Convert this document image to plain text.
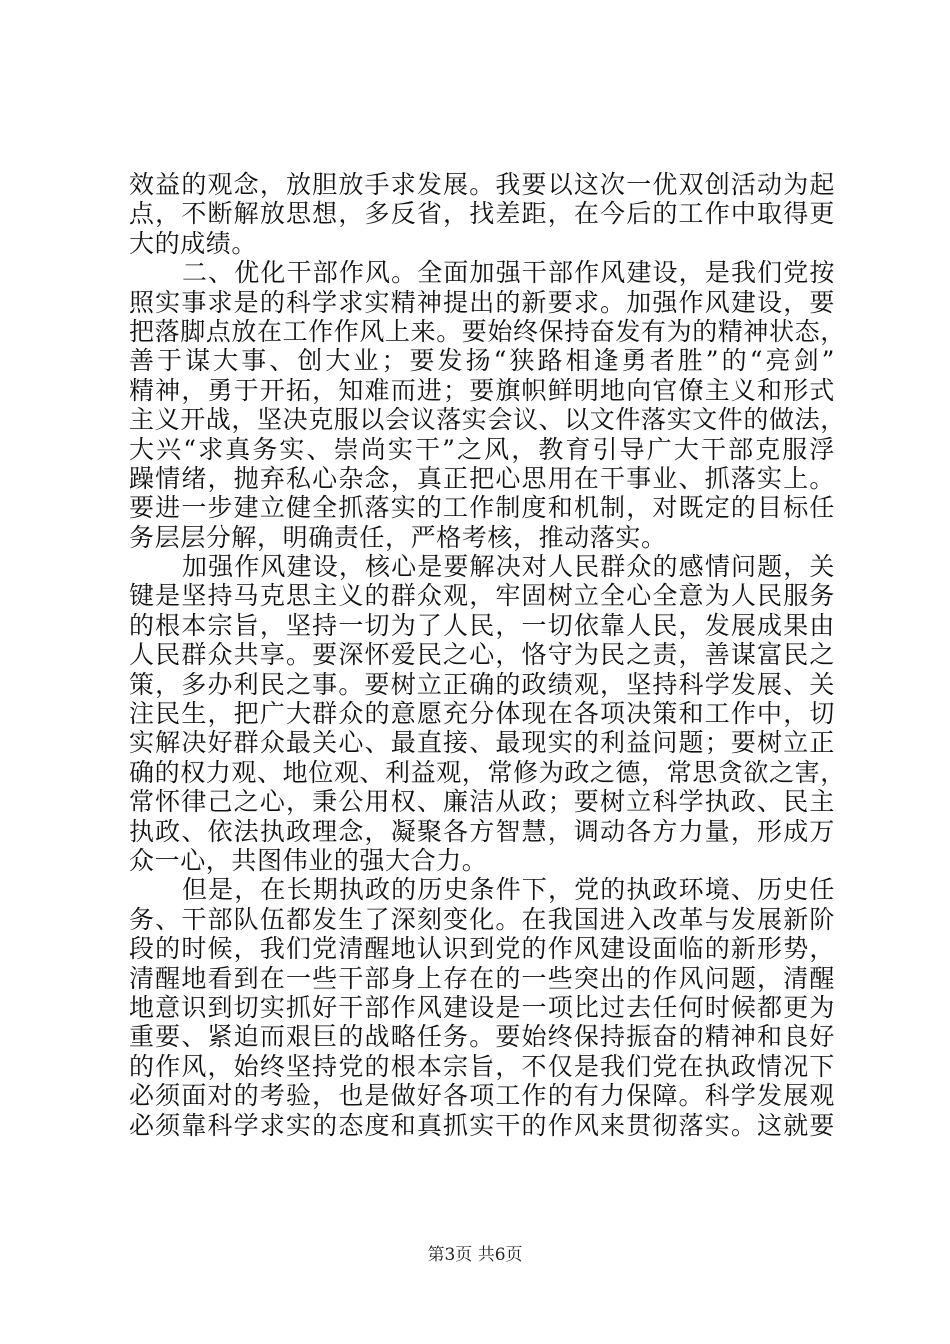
效益的观念，放胆放手求发展。我要以这次一优双创活动为起
点，不断解放思想，多反省，找差距，在今后的工作中取得更
大的成绩。
二、优化干部作风。全面加强干部作风建设，是我们党按
照实事求是的科学求实精神提出的新要求。加强作风建设，要
把落脚点放在工作作风上来。要始终保持奋发有为的精神状态，
善于谋大事、创大业；要发扬“狭路相逢勇者胜”的“亮剑”
精神，勇于开拓，知难而进；要旗帜鲜明地向官僚主义和形式
主义开战，坚决克服以会议落实会议、以文件落实文件的做法，
大兴“求真务实、崇尚实干”之风，教育引导广大干部克服浮
躁情绪，抛弃私心杂念，真正把心思用在干事业、抓落实上。
要进一步建立健全抓落实的工作制度和机制，对既定的目标任
务层层分解，明确责任，严格考核，推动落实。
加强作风建设，核心是要解决对人民群众的感情问题，关
键是坚持马克思主义的群众观，牢固树立全心全意为人民服务
的根本宗旨，坚持一切为了人民，一切依靠人民，发展成果由
人民群众共享。要深怀爱民之心，恪守为民之责，善谋富民之
策，多办利民之事。要树立正确的政绩观，坚持科学发展、关
注民生，把广大群众的意愿充分体现在各项决策和工作中，切
实解决好群众最关心、最直接、最现实的利益问题；要树立正
确的权力观、地位观、利益观，常修为政之德，常思贪欲之害，
常怀律己之心，秉公用权、廉洁从政；要树立科学执政、民主
执政、依法执政理念，凝聚各方智慧，调动各方力量，形成万
众一心，共图伟业的强大合力。
但是，在长期执政的历史条件下，党的执政环境、历史任
务、干部队伍都发生了深刻变化。在我国进入改革与发展新阶
段的时候，我们党清醒地认识到党的作风建设面临的新形势，
清醒地看到在一些干部身上存在的一些突出的作风问题，清醒
地意识到切实抓好干部作风建设是一项比过去任何时候都更为
重要、紧迫而艰巨的战略任务。要始终保持振奋的精神和良好
的作风，始终坚持党的根本宗旨，不仅是我们党在执政情况下
必须面对的考验，也是做好各项工作的有力保障。科学发展观
必须靠科学求实的态度和真抓实干的作风来贯彻落实。这就要
第3页 共6页
